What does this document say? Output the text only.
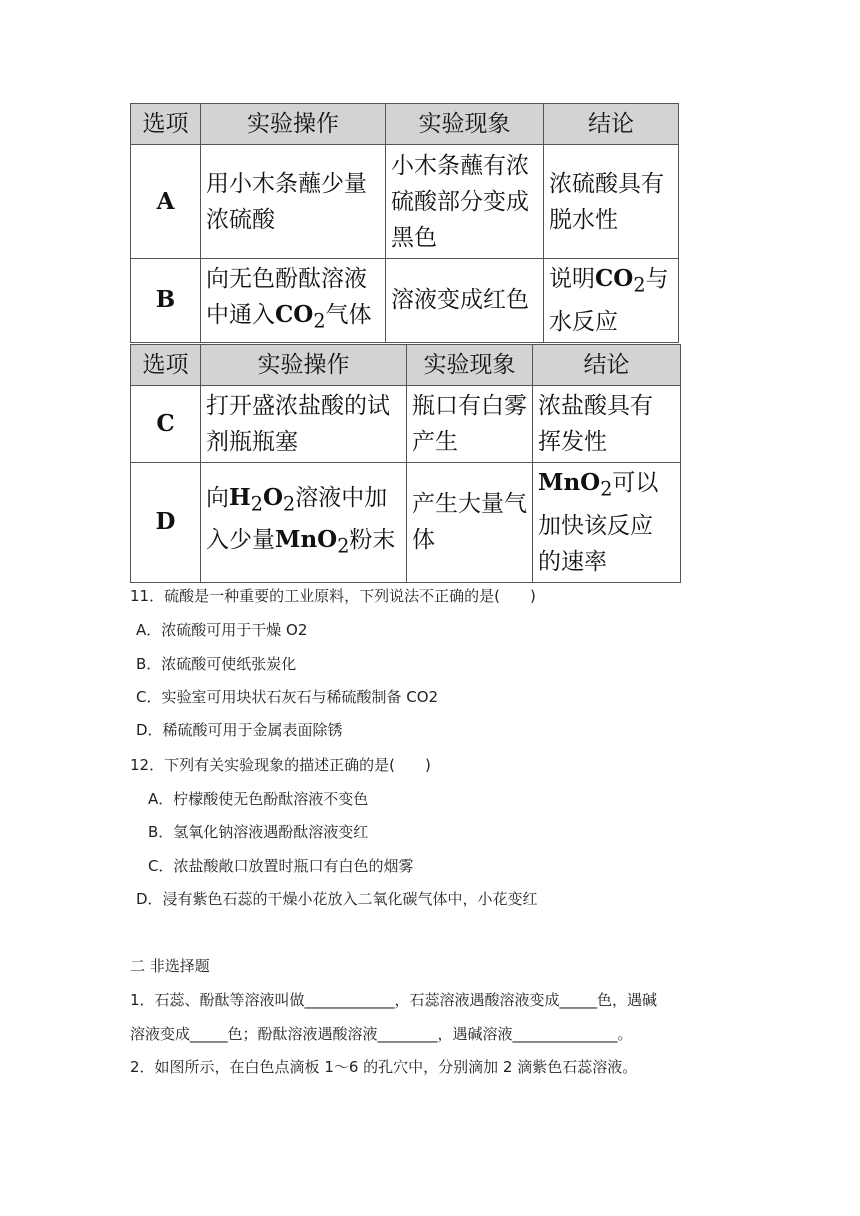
选项	实验操作	实验现象	结论
A	用小木条蘸少量浓硫酸	小木条蘸有浓硫酸部分变成黑色	浓硫酸具有脱水性
B	向无色酚酞溶液中通入$CO_2$气体	溶液变成红色	说明$CO_2$与水反应
选项	实验操作	实验现象	结论
C	打开盛浓盐酸的试剂瓶瓶塞	瓶口有白雾产生	浓盐酸具有挥发性
D	向$H_2O_2$溶液中加入少量MnO$_2$粉末	产生大量气体	MnO$_2$可以加快该反应的速率
11．硫酸是一种重要的工业原料，下列说法不正确的是(　　)
A．浓硫酸可用于干燥 O2
B．浓硫酸可使纸张炭化
C．实验室可用块状石灰石与稀硫酸制备 CO2
D．稀硫酸可用于金属表面除锈
12．下列有关实验现象的描述正确的是(　　)
A．柠檬酸使无色酚酞溶液不变色
B．氢氧化钠溶液遇酚酞溶液变红
C．浓盐酸敞口放置时瓶口有白色的烟雾
D．浸有紫色石蕊的干燥小花放入二氧化碳气体中，小花变红
二 非选择题
1．石蕊、酚酞等溶液叫做____________，石蕊溶液遇酸溶液变成_____色，遇碱
溶液变成_____色；酚酞溶液遇酸溶液________，遇碱溶液______________。
2．如图所示，在白色点滴板 1～6 的孔穴中，分别滴加 2 滴紫色石蕊溶液。
